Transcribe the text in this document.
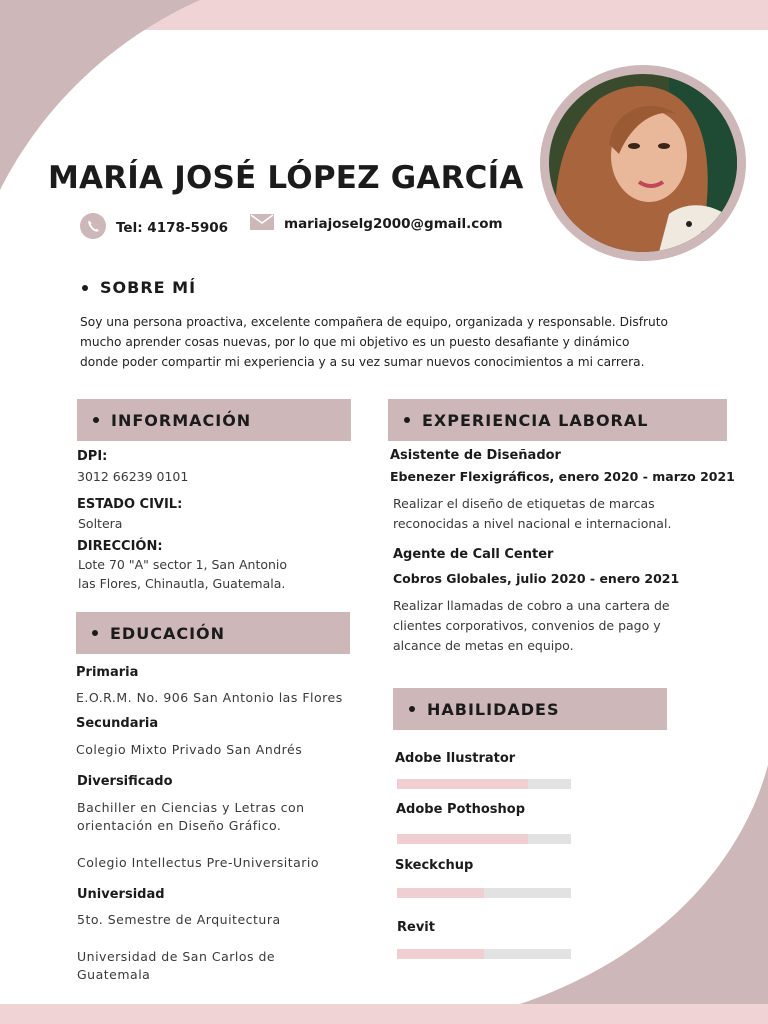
MARÍA JOSÉ LÓPEZ GARCÍA
Tel: 4178-5906	mariajoselg2000@gmail.com
SOBRE MÍ
Soy una persona proactiva, excelente compañera de equipo, organizada y responsable. Disfruto
mucho aprender cosas nuevas, por lo que mi objetivo es un puesto desafiante y dinámico
donde poder compartir mi experiencia y a su vez sumar nuevos conocimientos a mi carrera.
INFORMACIÓN
DPI:
3012 66239 0101
ESTADO CIVIL:
Soltera
DIRECCIÓN:
Lote 70 "A" sector 1, San Antonio
las Flores, Chinautla, Guatemala.
EDUCACIÓN
Primaria
E.O.R.M. No. 906 San Antonio las Flores
Secundaria
Colegio Mixto Privado San Andrés
Diversificado
Bachiller en Ciencias y Letras con
orientación en Diseño Gráfico.
Colegio Intellectus Pre-Universitario
Universidad
5to. Semestre de Arquitectura
Universidad de San Carlos de
Guatemala
EXPERIENCIA LABORAL
Asistente de Diseñador
Ebenezer Flexigráficos, enero 2020 - marzo 2021
Realizar el diseño de etiquetas de marcas
reconocidas a nivel nacional e internacional.
Agente de Call Center
Cobros Globales, julio 2020 - enero 2021
Realizar llamadas de cobro a una cartera de
clientes corporativos, convenios de pago y
alcance de metas en equipo.
HABILIDADES
Adobe Ilustrator
Adobe Pothoshop
Skeckchup
Revit
